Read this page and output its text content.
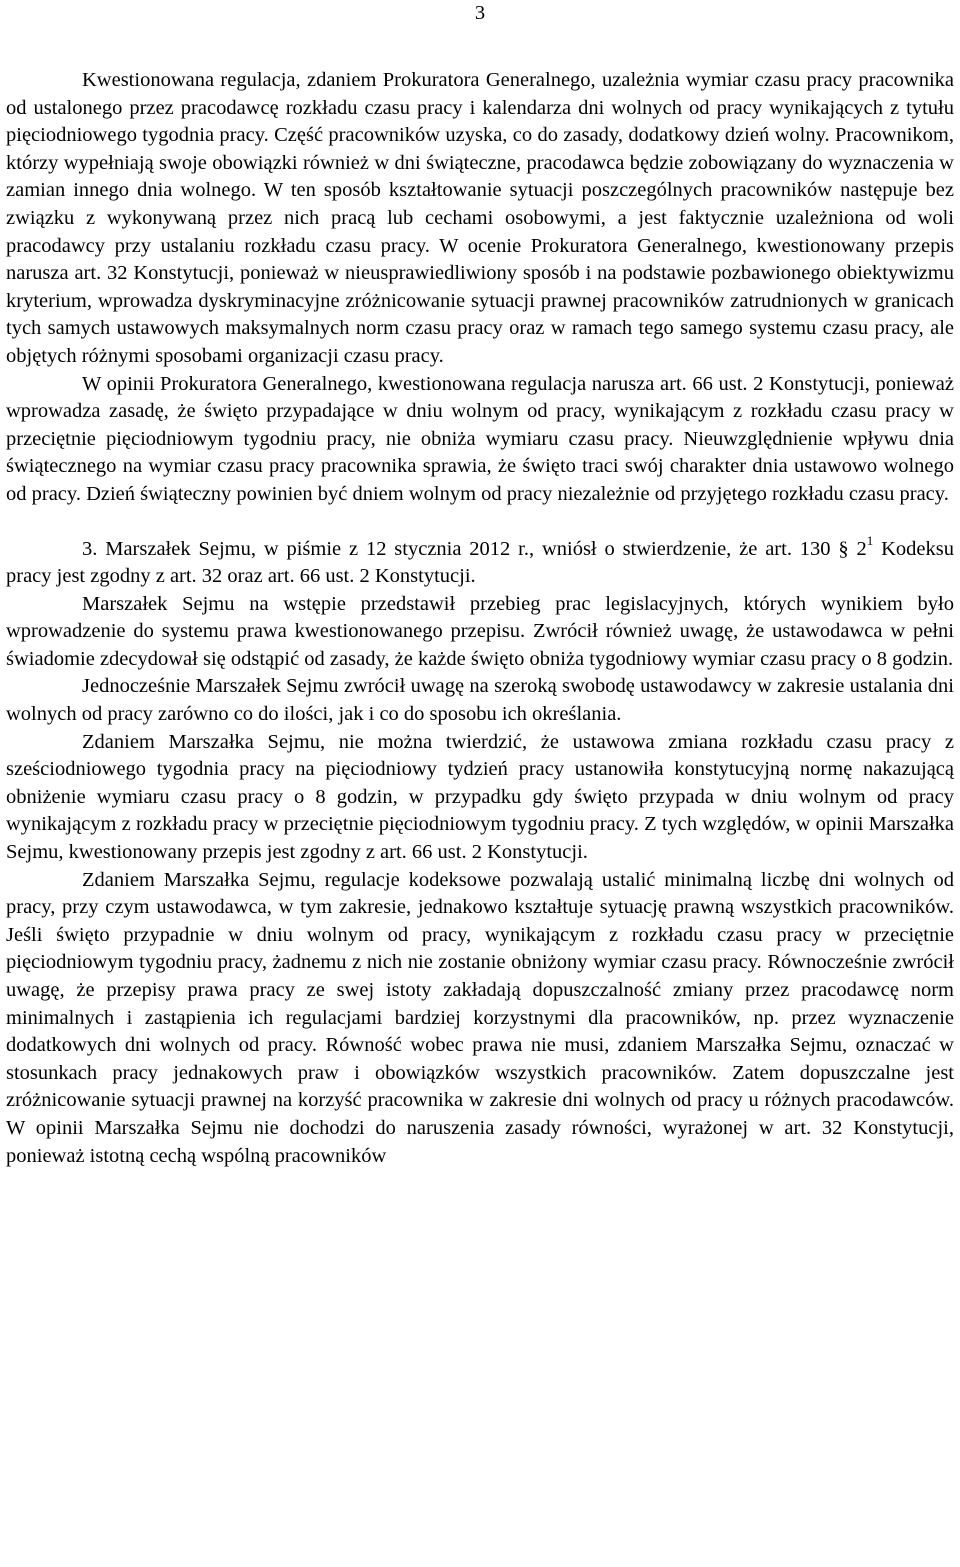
3

Kwestionowana regulacja, zdaniem Prokuratora Generalnego, uzależnia wymiar czasu pracy pracownika od ustalonego przez pracodawcę rozkładu czasu pracy i kalendarza dni wolnych od pracy wynikających z tytułu pięciodniowego tygodnia pracy. Część pracowników uzyska, co do zasady, dodatkowy dzień wolny. Pracownikom, którzy wypełniają swoje obowiązki również w dni świąteczne, pracodawca będzie zobowiązany do wyznaczenia w zamian innego dnia wolnego. W ten sposób kształtowanie sytuacji poszczególnych pracowników następuje bez związku z wykonywaną przez nich pracą lub cechami osobowymi, a jest faktycznie uzależniona od woli pracodawcy przy ustalaniu rozkładu czasu pracy. W ocenie Prokuratora Generalnego, kwestionowany przepis narusza art. 32 Konstytucji, ponieważ w nieusprawiedliwiony sposób i na podstawie pozbawionego obiektywizmu kryterium, wprowadza dyskryminacyjne zróżnicowanie sytuacji prawnej pracowników zatrudnionych w granicach tych samych ustawowych maksymalnych norm czasu pracy oraz w ramach tego samego systemu czasu pracy, ale objętych różnymi sposobami organizacji czasu pracy.

W opinii Prokuratora Generalnego, kwestionowana regulacja narusza art. 66 ust. 2 Konstytucji, ponieważ wprowadza zasadę, że święto przypadające w dniu wolnym od pracy, wynikającym z rozkładu czasu pracy w przeciętnie pięciodniowym tygodniu pracy, nie obniża wymiaru czasu pracy. Nieuwzględnienie wpływu dnia świątecznego na wymiar czasu pracy pracownika sprawia, że święto traci swój charakter dnia ustawowo wolnego od pracy. Dzień świąteczny powinien być dniem wolnym od pracy niezależnie od przyjętego rozkładu czasu pracy.

3. Marszałek Sejmu, w piśmie z 12 stycznia 2012 r., wniósł o stwierdzenie, że art. 130 § $2^1$ Kodeksu pracy jest zgodny z art. 32 oraz art. 66 ust. 2 Konstytucji.

Marszałek Sejmu na wstępie przedstawił przebieg prac legislacyjnych, których wynikiem było wprowadzenie do systemu prawa kwestionowanego przepisu. Zwrócił również uwagę, że ustawodawca w pełni świadomie zdecydował się odstąpić od zasady, że każde święto obniża tygodniowy wymiar czasu pracy o 8 godzin.

Jednocześnie Marszałek Sejmu zwrócił uwagę na szeroką swobodę ustawodawcy w zakresie ustalania dni wolnych od pracy zarówno co do ilości, jak i co do sposobu ich określania.

Zdaniem Marszałka Sejmu, nie można twierdzić, że ustawowa zmiana rozkładu czasu pracy z sześciodniowego tygodnia pracy na pięciodniowy tydzień pracy ustanowiła konstytucyjną normę nakazującą obniżenie wymiaru czasu pracy o 8 godzin, w przypadku gdy święto przypada w dniu wolnym od pracy wynikającym z rozkładu pracy w przeciętnie pięciodniowym tygodniu pracy. Z tych względów, w opinii Marszałka Sejmu, kwestionowany przepis jest zgodny z art. 66 ust. 2 Konstytucji.

Zdaniem Marszałka Sejmu, regulacje kodeksowe pozwalają ustalić minimalną liczbę dni wolnych od pracy, przy czym ustawodawca, w tym zakresie, jednakowo kształtuje sytuację prawną wszystkich pracowników. Jeśli święto przypadnie w dniu wolnym od pracy, wynikającym z rozkładu czasu pracy w przeciętnie pięciodniowym tygodniu pracy, żadnemu z nich nie zostanie obniżony wymiar czasu pracy. Równocześnie zwrócił uwagę, że przepisy prawa pracy ze swej istoty zakładają dopuszczalność zmiany przez pracodawcę norm minimalnych i zastąpienia ich regulacjami bardziej korzystnymi dla pracowników, np. przez wyznaczenie dodatkowych dni wolnych od pracy. Równość wobec prawa nie musi, zdaniem Marszałka Sejmu, oznaczać w stosunkach pracy jednakowych praw i obowiązków wszystkich pracowników. Zatem dopuszczalne jest zróżnicowanie sytuacji prawnej na korzyść pracownika w zakresie dni wolnych od pracy u różnych pracodawców. W opinii Marszałka Sejmu nie dochodzi do naruszenia zasady równości, wyrażonej w art. 32 Konstytucji, ponieważ istotną cechą wspólną pracowników
